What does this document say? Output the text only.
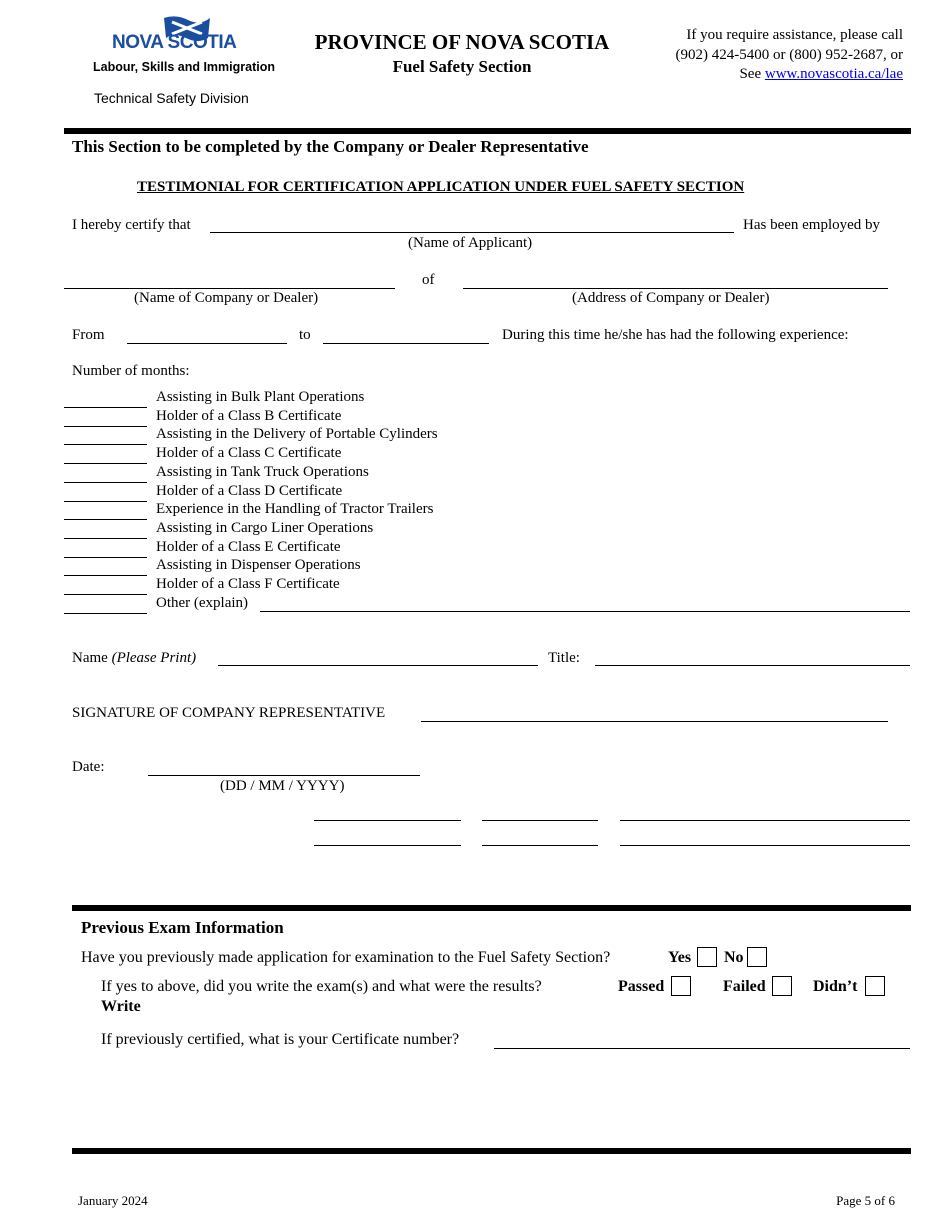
NOVA SCOTIA
Labour, Skills and Immigration
Technical Safety Division
PROVINCE OF NOVA SCOTIA
Fuel Safety Section
If you require assistance, please call
(902) 424-5400 or (800) 952-2687, or
See www.novascotia.ca/lae
This Section to be completed by the Company or Dealer Representative
TESTIMONIAL FOR CERTIFICATION APPLICATION UNDER FUEL SAFETY SECTION
I hereby certify that	Has been employed by
(Name of Applicant)
of
(Name of Company or Dealer)	(Address of Company or Dealer)
From	to	During this time he/she has had the following experience:
Number of months:
Assisting in Bulk Plant Operations
Holder of a Class B Certificate
Assisting in the Delivery of Portable Cylinders
Holder of a Class C Certificate
Assisting in Tank Truck Operations
Holder of a Class D Certificate
Experience in the Handling of Tractor Trailers
Assisting in Cargo Liner Operations
Holder of a Class E Certificate
Assisting in Dispenser Operations
Holder of a Class F Certificate
Other (explain)
Name (Please Print)	Title:
SIGNATURE OF COMPANY REPRESENTATIVE
Date:
(DD / MM / YYYY)
Previous Exam Information
Have you previously made application for examination to the Fuel Safety Section?	Yes No
If yes to above, did you write the exam(s) and what were the results?	Passed	Failed	Didn’t
Write
If previously certified, what is your Certificate number?
January 2024	Page 5 of 6
